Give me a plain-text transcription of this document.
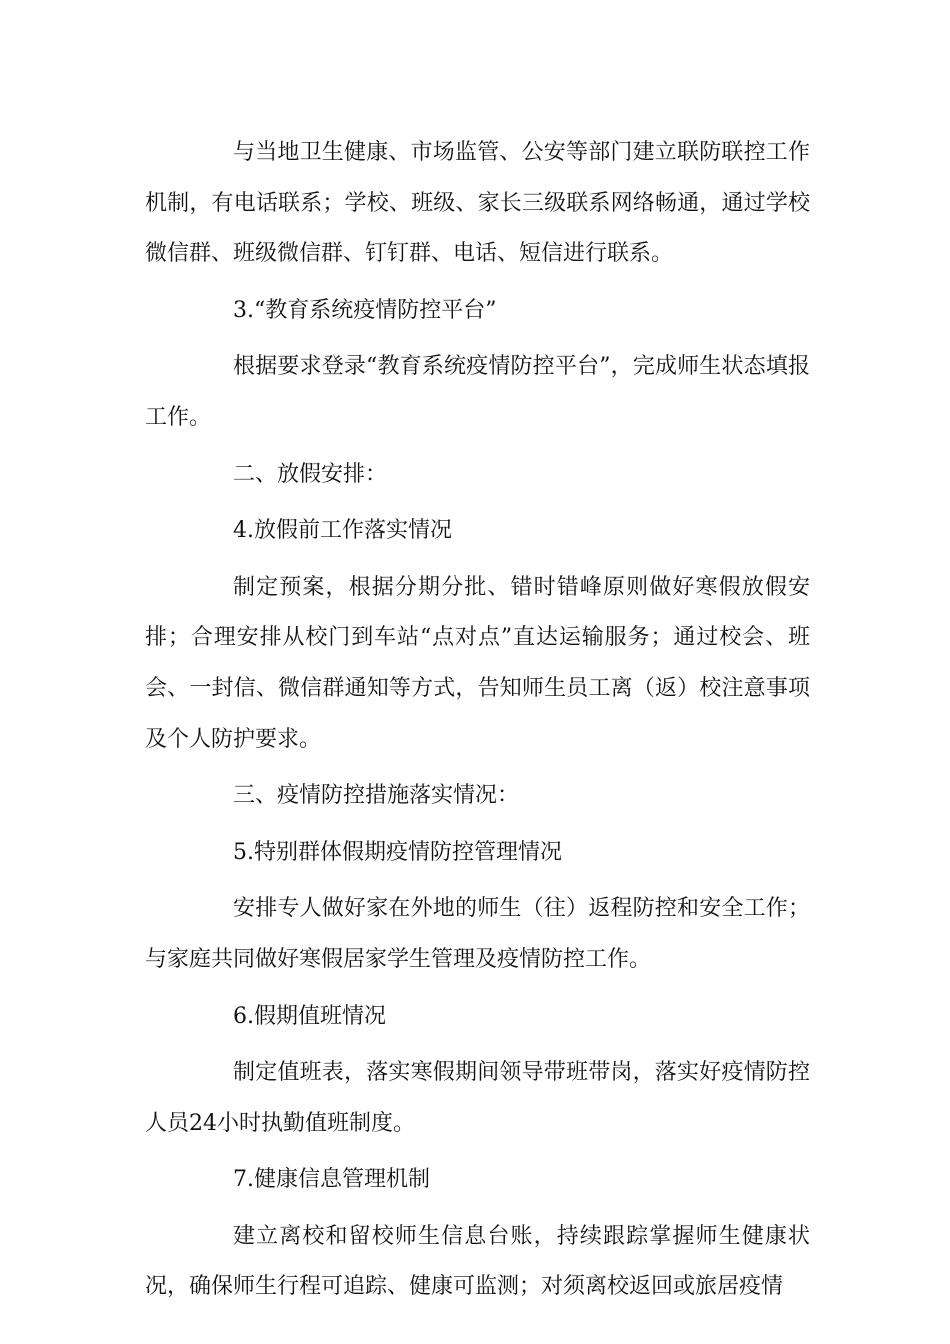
与当地卫生健康、市场监管、公安等部门建立联防联控工作机制，有电话联系；学校、班级、家长三级联系网络畅通，通过学校微信群、班级微信群、钉钉群、电话、短信进行联系。

3.“教育系统疫情防控平台”

根据要求登录“教育系统疫情防控平台”，完成师生状态填报工作。

二、放假安排：

4.放假前工作落实情况

制定预案，根据分期分批、错时错峰原则做好寒假放假安排；合理安排从校门到车站“点对点”直达运输服务；通过校会、班会、一封信、微信群通知等方式，告知师生员工离（返）校注意事项及个人防护要求。

三、疫情防控措施落实情况：

5.特别群体假期疫情防控管理情况

安排专人做好家在外地的师生（往）返程防控和安全工作；与家庭共同做好寒假居家学生管理及疫情防控工作。

6.假期值班情况

制定值班表，落实寒假期间领导带班带岗，落实好疫情防控人员24小时执勤值班制度。

7.健康信息管理机制

建立离校和留校师生信息台账，持续跟踪掌握师生健康状况，确保师生行程可追踪、健康可监测；对须离校返回或旅居疫情
